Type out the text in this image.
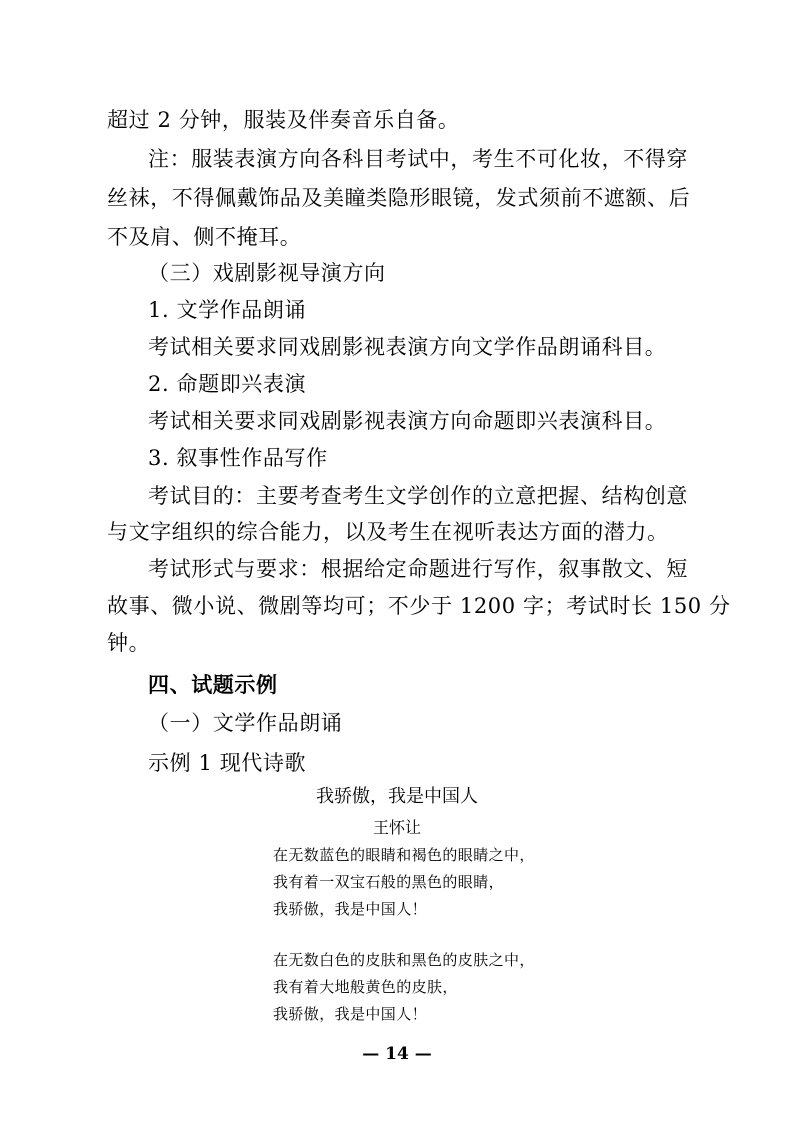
超过 2 分钟，服装及伴奏音乐自备。
注：服装表演方向各科目考试中，考生不可化妆，不得穿
丝袜，不得佩戴饰品及美瞳类隐形眼镜，发式须前不遮额、后
不及肩、侧不掩耳。
（三）戏剧影视导演方向
1. 文学作品朗诵
考试相关要求同戏剧影视表演方向文学作品朗诵科目。
2. 命题即兴表演
考试相关要求同戏剧影视表演方向命题即兴表演科目。
3. 叙事性作品写作
考试目的：主要考查考生文学创作的立意把握、结构创意
与文字组织的综合能力，以及考生在视听表达方面的潜力。
考试形式与要求：根据给定命题进行写作，叙事散文、短
故事、微小说、微剧等均可；不少于 1200 字；考试时长 150 分
钟。
四、试题示例
（一）文学作品朗诵
示例 1 现代诗歌
我骄傲，我是中国人
王怀让
在无数蓝色的眼睛和褐色的眼睛之中，
我有着一双宝石般的黑色的眼睛，
我骄傲，我是中国人！
在无数白色的皮肤和黑色的皮肤之中，
我有着大地般黄色的皮肤，
我骄傲，我是中国人！
— 14 —
